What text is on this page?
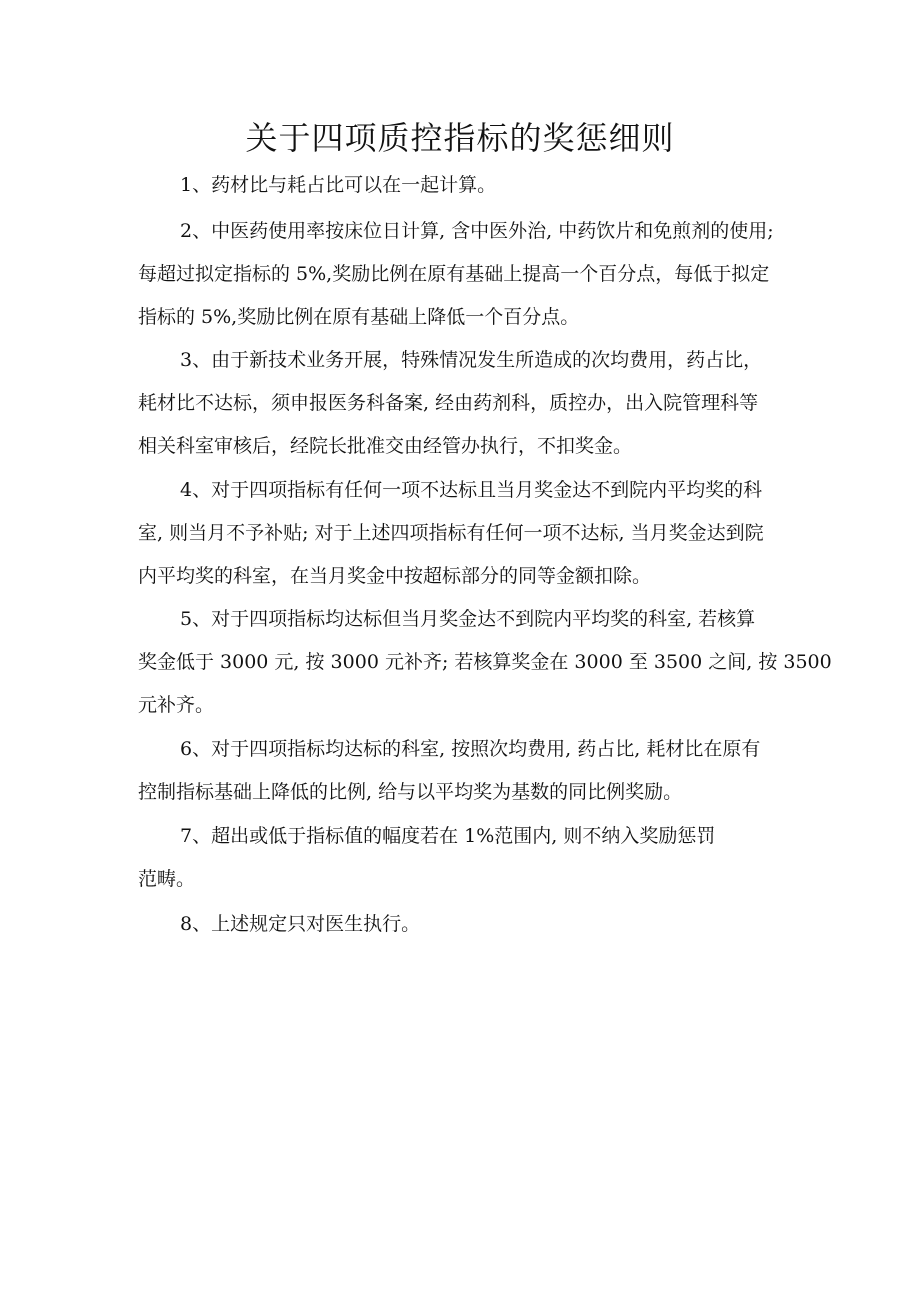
关于四项质控指标的奖惩细则

1、药材比与耗占比可以在一起计算。

2、中医药使用率按床位日计算, 含中医外治, 中药饮片和免煎剂的使用;
每超过拟定指标的 5%,奖励比例在原有基础上提高一个百分点，每低于拟定
指标的 5%,奖励比例在原有基础上降低一个百分点。

3、由于新技术业务开展，特殊情况发生所造成的次均费用，药占比，
耗材比不达标，须申报医务科备案, 经由药剂科，质控办，出入院管理科等
相关科室审核后，经院长批准交由经管办执行，不扣奖金。

4、对于四项指标有任何一项不达标且当月奖金达不到院内平均奖的科
室, 则当月不予补贴; 对于上述四项指标有任何一项不达标, 当月奖金达到院
内平均奖的科室，在当月奖金中按超标部分的同等金额扣除。

5、对于四项指标均达标但当月奖金达不到院内平均奖的科室, 若核算
奖金低于 3000 元, 按 3000 元补齐; 若核算奖金在 3000 至 3500 之间, 按 3500
元补齐。

6、对于四项指标均达标的科室, 按照次均费用, 药占比, 耗材比在原有
控制指标基础上降低的比例, 给与以平均奖为基数的同比例奖励。

7、超出或低于指标值的幅度若在 1%范围内, 则不纳入奖励惩罚
范畴。

8、上述规定只对医生执行。
